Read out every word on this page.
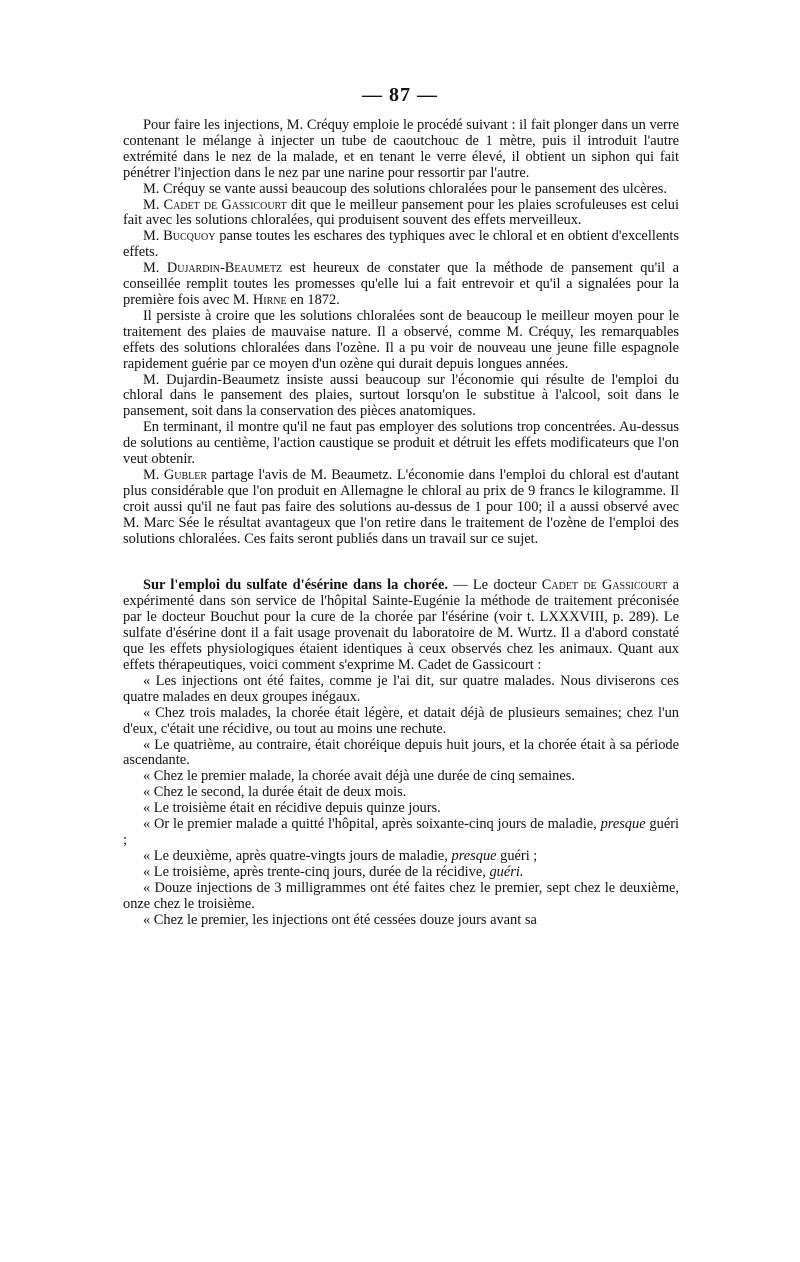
— 87 —

Pour faire les injections, M. Créquy emploie le procédé suivant : il fait plonger dans un verre contenant le mélange à injecter un tube de caoutchouc de 1 mètre, puis il introduit l'autre extrémité dans le nez de la malade, et en tenant le verre élevé, il obtient un siphon qui fait pénétrer l'injection dans le nez par une narine pour ressortir par l'autre.

M. Créquy se vante aussi beaucoup des solutions chloralées pour le pansement des ulcères.

M. Cadet de Gassicourt dit que le meilleur pansement pour les plaies scrofuleuses est celui fait avec les solutions chloralées, qui produisent souvent des effets merveilleux.

M. Bucquoy panse toutes les eschares des typhiques avec le chloral et en obtient d'excellents effets.

M. Dujardin-Beaumetz est heureux de constater que la méthode de pansement qu'il a conseillée remplit toutes les promesses qu'elle lui a fait entrevoir et qu'il a signalées pour la première fois avec M. Hirne en 1872.

Il persiste à croire que les solutions chloralées sont de beaucoup le meilleur moyen pour le traitement des plaies de mauvaise nature. Il a observé, comme M. Créquy, les remarquables effets des solutions chloralées dans l'ozène. Il a pu voir de nouveau une jeune fille espagnole rapidement guérie par ce moyen d'un ozène qui durait depuis longues années.

M. Dujardin-Beaumetz insiste aussi beaucoup sur l'économie qui résulte de l'emploi du chloral dans le pansement des plaies, surtout lorsqu'on le substitue à l'alcool, soit dans le pansement, soit dans la conservation des pièces anatomiques.

En terminant, il montre qu'il ne faut pas employer des solutions trop concentrées. Au-dessus de solutions au centième, l'action caustique se produit et détruit les effets modificateurs que l'on veut obtenir.

M. Gubler partage l'avis de M. Beaumetz. L'économie dans l'emploi du chloral est d'autant plus considérable que l'on produit en Allemagne le chloral au prix de 9 francs le kilogramme. Il croit aussi qu'il ne faut pas faire des solutions au-dessus de 1 pour 100; il a aussi observé avec M. Marc Sée le résultat avantageux que l'on retire dans le traitement de l'ozène de l'emploi des solutions chloralées. Ces faits seront publiés dans un travail sur ce sujet.

Sur l'emploi du sulfate d'ésérine dans la chorée. — Le docteur Cadet de Gassicourt a expérimenté dans son service de l'hôpital Sainte-Eugénie la méthode de traitement préconisée par le docteur Bouchut pour la cure de la chorée par l'ésérine (voir t. LXXXVIII, p. 289). Le sulfate d'ésérine dont il a fait usage provenait du laboratoire de M. Wurtz. Il a d'abord constaté que les effets physiologiques étaient identiques à ceux observés chez les animaux. Quant aux effets thérapeutiques, voici comment s'exprime M. Cadet de Gassicourt :

« Les injections ont été faites, comme je l'ai dit, sur quatre malades. Nous diviserons ces quatre malades en deux groupes inégaux.

« Chez trois malades, la chorée était légère, et datait déjà de plusieurs semaines; chez l'un d'eux, c'était une récidive, ou tout au moins une rechute.

« Le quatrième, au contraire, était choréique depuis huit jours, et la chorée était à sa période ascendante.

« Chez le premier malade, la chorée avait déjà une durée de cinq semaines.

« Chez le second, la durée était de deux mois.

« Le troisième était en récidive depuis quinze jours.

« Or le premier malade a quitté l'hôpital, après soixante-cinq jours de maladie, presque guéri ;

« Le deuxième, après quatre-vingts jours de maladie, presque guéri ;

« Le troisième, après trente-cinq jours, durée de la récidive, guéri.

« Douze injections de 3 milligrammes ont été faites chez le premier, sept chez le deuxième, onze chez le troisième.

« Chez le premier, les injections ont été cessées douze jours avant sa
